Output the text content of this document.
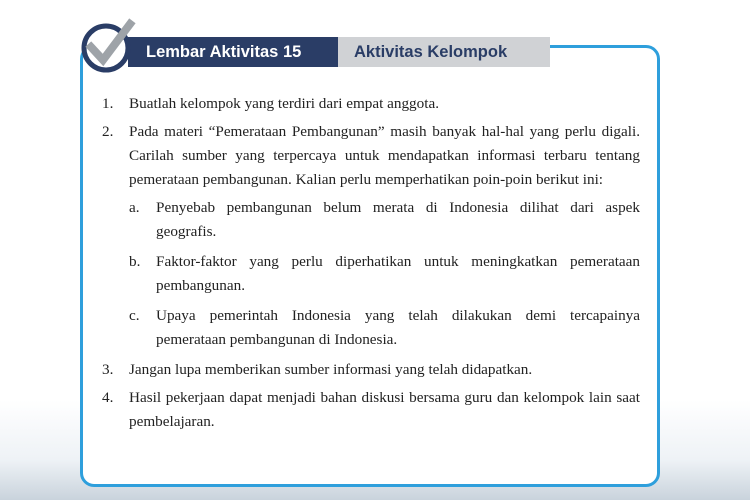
Lembar Aktivitas 15	Aktivitas Kelompok
1.	Buatlah kelompok yang terdiri dari empat anggota.
2.	Pada materi “Pemerataan Pembangunan” masih banyak hal-hal yang perlu digali. Carilah sumber yang terpercaya untuk mendapatkan informasi terbaru tentang pemerataan pembangunan. Kalian perlu memperhatikan poin-poin berikut ini:
a.	Penyebab pembangunan belum merata di Indonesia dilihat dari aspek geografis.
b.	Faktor-faktor yang perlu diperhatikan untuk meningkatkan pemerataan pembangunan.
c.	Upaya pemerintah Indonesia yang telah dilakukan demi tercapainya pemerataan pembangunan di Indonesia.
3.	Jangan lupa memberikan sumber informasi yang telah didapatkan.
4.	Hasil pekerjaan dapat menjadi bahan diskusi bersama guru dan kelompok lain saat pembelajaran.
